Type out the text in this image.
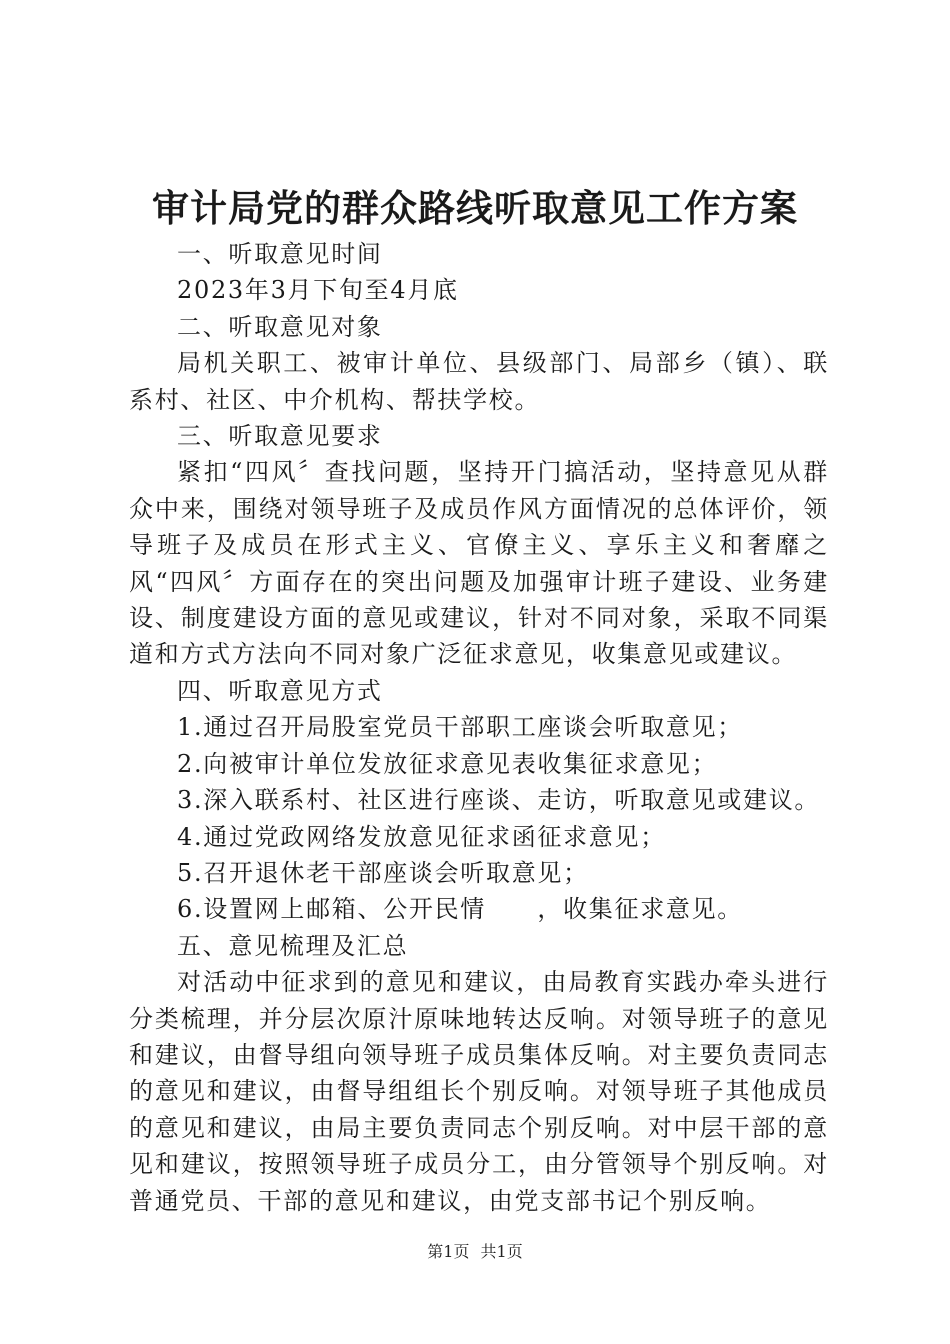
审计局党的群众路线听取意见工作方案

一、听取意见时间

2023年3月下旬至4月底

二、听取意见对象

局机关职工、被审计单位、县级部门、局部乡（镇）、联系村、社区、中介机构、帮扶学校。

三、听取意见要求

紧扣“四风〞查找问题，坚持开门搞活动，坚持意见从群众中来，围绕对领导班子及成员作风方面情况的总体评价，领导班子及成员在形式主义、官僚主义、享乐主义和奢靡之风“四风〞方面存在的突出问题及加强审计班子建设、业务建设、制度建设方面的意见或建议，针对不同对象，采取不同渠道和方式方法向不同对象广泛征求意见，收集意见或建议。

四、听取意见方式

1.通过召开局股室党员干部职工座谈会听取意见；

2.向被审计单位发放征求意见表收集征求意见；

3.深入联系村、社区进行座谈、走访，听取意见或建议。

4.通过党政网络发放意见征求函征求意见；

5.召开退休老干部座谈会听取意见；

6.设置网上邮箱、公开民情　　，收集征求意见。

五、意见梳理及汇总

对活动中征求到的意见和建议，由局教育实践办牵头进行分类梳理，并分层次原汁原味地转达反响。对领导班子的意见和建议，由督导组向领导班子成员集体反响。对主要负责同志的意见和建议，由督导组组长个别反响。对领导班子其他成员的意见和建议，由局主要负责同志个别反响。对中层干部的意见和建议，按照领导班子成员分工，由分管领导个别反响。对普通党员、干部的意见和建议，由党支部书记个别反响。

第1页 共1页
